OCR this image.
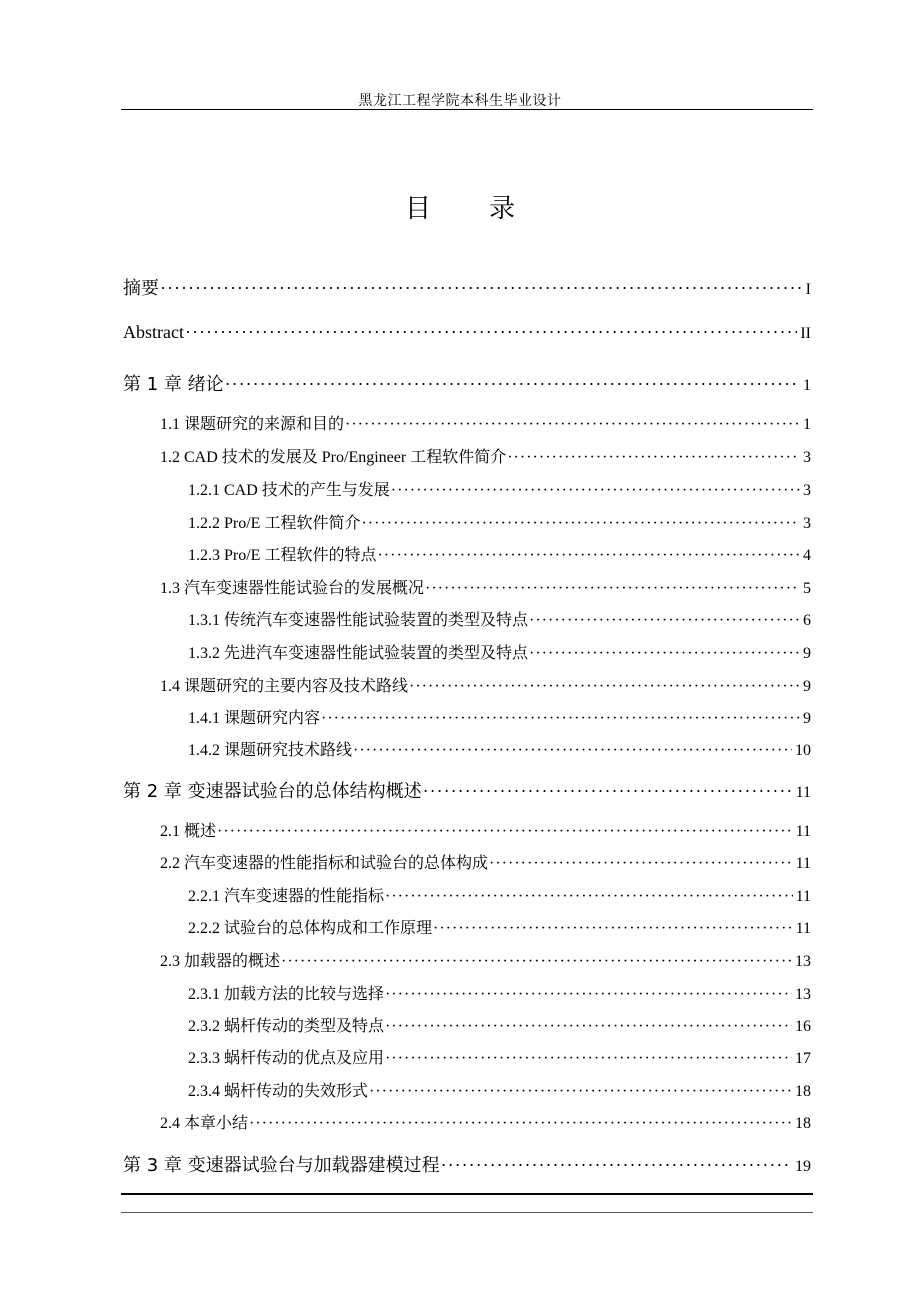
黑龙江工程学院本科生毕业设计
目 录
摘要 ·····	I
Abstract ·····	II
第 1 章 绪论 ·····	1
1.1 课题研究的来源和目的 ·····	1
1.2 CAD 技术的发展及 Pro/Engineer 工程软件简介 ·····	3
1.2.1 CAD 技术的产生与发展 ·····	3
1.2.2 Pro/E 工程软件简介 ·····	3
1.2.3 Pro/E 工程软件的特点 ·····	4
1.3 汽车变速器性能试验台的发展概况 ·····	5
1.3.1 传统汽车变速器性能试验装置的类型及特点 ·····	6
1.3.2 先进汽车变速器性能试验装置的类型及特点 ·····	9
1.4 课题研究的主要内容及技术路线 ·····	9
1.4.1 课题研究内容 ·····	9
1.4.2 课题研究技术路线 ·····	10
第 2 章 变速器试验台的总体结构概述 ·····	11
2.1 概述 ·····	11
2.2 汽车变速器的性能指标和试验台的总体构成 ·····	11
2.2.1 汽车变速器的性能指标 ·····	11
2.2.2 试验台的总体构成和工作原理 ·····	11
2.3 加载器的概述 ·····	13
2.3.1 加载方法的比较与选择 ·····	13
2.3.2 蜗杆传动的类型及特点 ·····	16
2.3.3 蜗杆传动的优点及应用 ·····	17
2.3.4 蜗杆传动的失效形式 ·····	18
2.4 本章小结 ·····	18
第 3 章 变速器试验台与加载器建模过程 ·····	19
